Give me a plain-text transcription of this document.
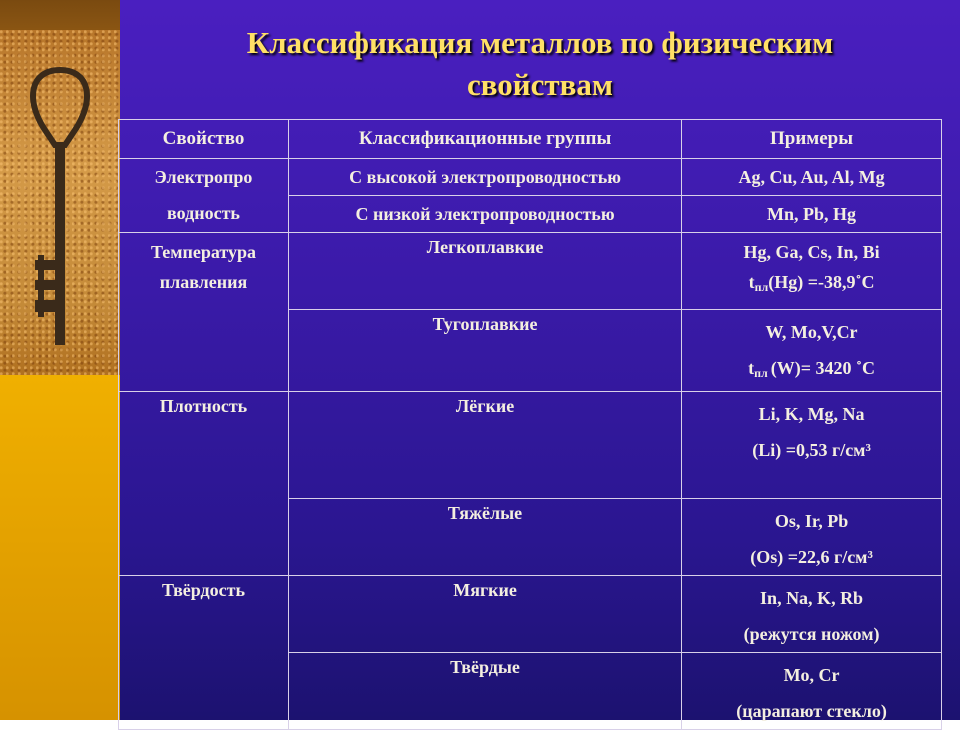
Классификация металлов по физическим
свойствам
Свойство	Классификационные группы	Примеры

Электропро
водность	С высокой электропроводностью	Ag, Cu, Au, Al, Mg
	С низкой электропроводностью	Mn, Pb, Hg

Температура
плавления	Легкоплавкие	Hg, Ga, Cs, In, Bi
$t_{пл}(Hg)$ =-38,9˚C

	Тугоплавкие	W, Mo,V,Cr
$t_{пл}$ (W)= 3420 ˚C

Плотность	Лёгкие	Li, K, Mg, Na
(Li) =0,53 г/см³

	Тяжёлые	Os, Ir, Pb
(Os) =22,6 г/см³

Твёрдость	Мягкие	In, Na, K, Rb
(режутся ножом)

	Твёрдые	Mo, Cr
(царапают стекло)
